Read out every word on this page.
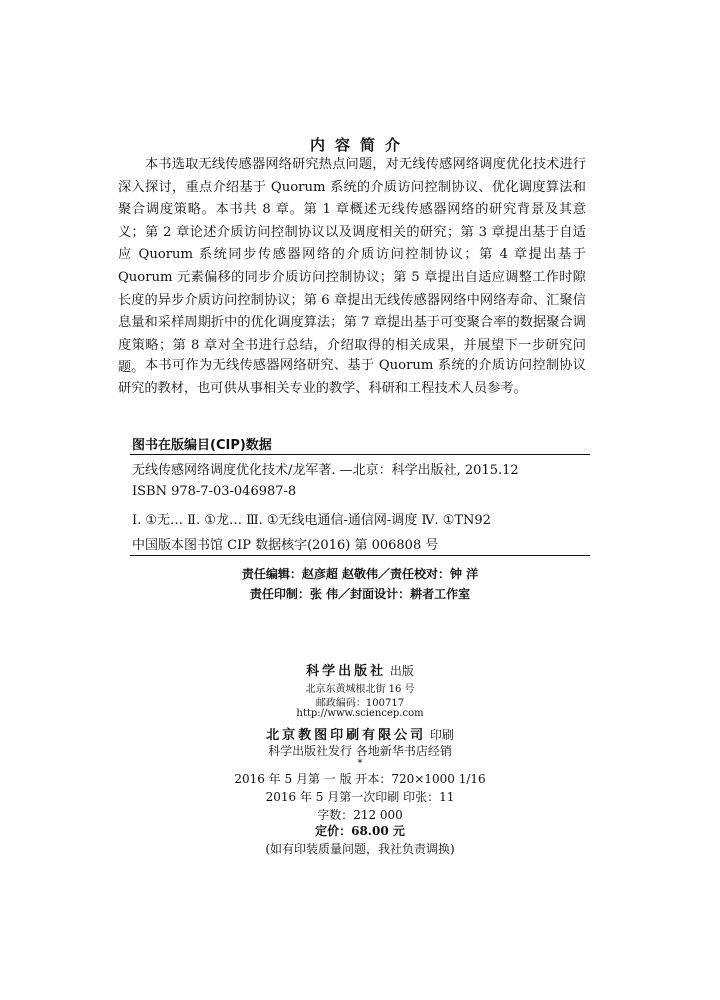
内容简介

本书选取无线传感器网络研究热点问题，对无线传感网络调度优化技术进行深入探讨，重点介绍基于 Quorum 系统的介质访问控制协议、优化调度算法和聚合调度策略。本书共 8 章。第 1 章概述无线传感器网络的研究背景及其意义；第 2 章论述介质访问控制协议以及调度相关的研究；第 3 章提出基于自适应 Quorum 系统同步传感器网络的介质访问控制协议；第 4 章提出基于 Quorum 元素偏移的同步介质访问控制协议；第 5 章提出自适应调整工作时隙长度的异步介质访问控制协议；第 6 章提出无线传感器网络中网络寿命、汇聚信息量和采样周期折中的优化调度算法；第 7 章提出基于可变聚合率的数据聚合调度策略；第 8 章对全书进行总结，介绍取得的相关成果，并展望下一步研究问题。 本书可作为无线传感器网络研究、基于 Quorum 系统的介质访问控制协议研究的教材，也可供从事相关专业的教学、科研和工程技术人员参考。

图书在版编目(CIP)数据
无线传感网络调度优化技术/龙军著. —北京：科学出版社, 2015.12
ISBN 978-7-03-046987-8
Ⅰ. ①无… Ⅱ. ①龙… Ⅲ. ①无线电通信-通信网-调度 Ⅳ. ①TN92
中国版本图书馆 CIP 数据核字(2016) 第 006808 号
责任编辑：赵彦超 赵敬伟／责任校对：钟 洋
责任印制：张 伟／封面设计：耕者工作室
科学出版社 出版
北京东黄城根北街 16 号
邮政编码：100717
http://www.sciencep.com
北京教图印刷有限公司 印刷
科学出版社发行 各地新华书店经销
*
2016 年 5 月第 一 版 开本：720×1000 1/16
2016 年 5 月第一次印刷 印张：11
字数：212 000
定价：68.00 元
(如有印装质量问题，我社负责调换)
